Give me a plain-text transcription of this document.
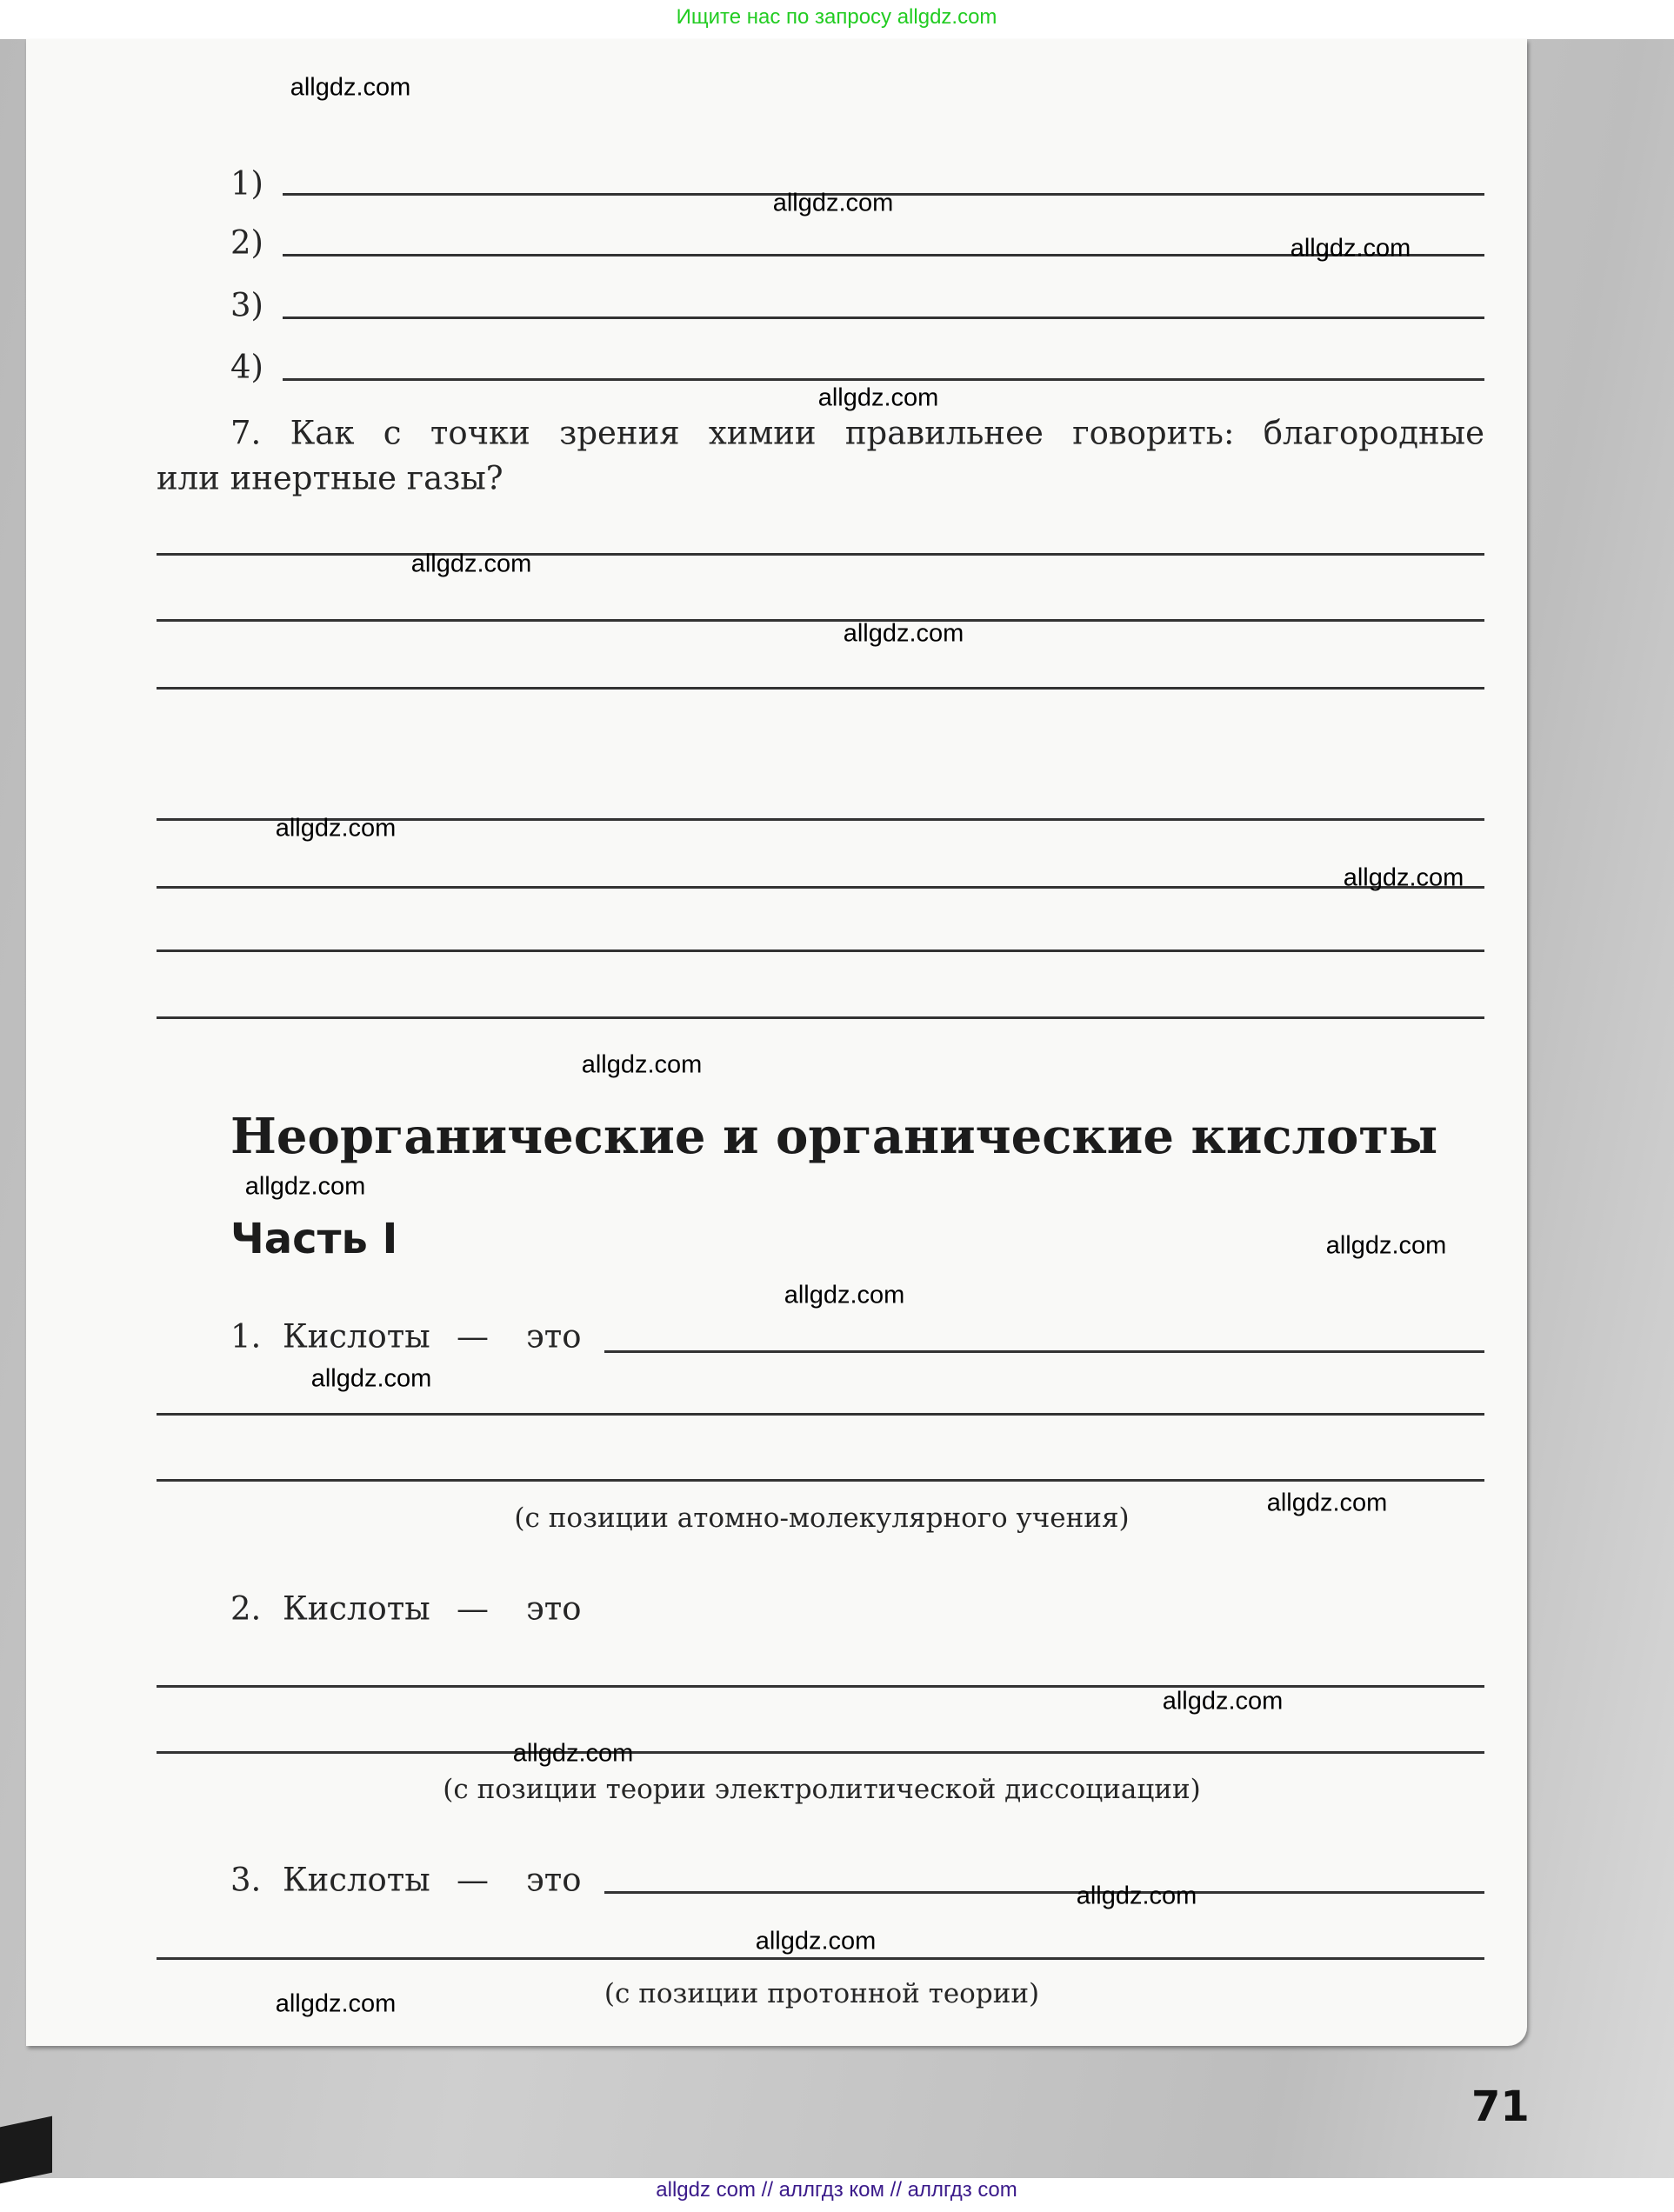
Ищите нас по запросу allgdz.com
1)
2)
3)
4)
7. Как с точки зрения химии правильнее говорить: благородные
или инертные газы?
Неорганические и органические кислоты
Часть I
1. Кислоты — это
(с позиции атомно-молекулярного учения)
2. Кислоты — это
(с позиции теории электролитической диссоциации)
3. Кислоты — это
(с позиции протонной теории)
allgdz.com
allgdz.com
allgdz.com
allgdz.com
allgdz.com
allgdz.com
allgdz.com
allgdz.com
allgdz.com
allgdz.com
allgdz.com
allgdz.com
allgdz.com
allgdz.com
allgdz.com
allgdz.com
allgdz.com
allgdz.com
allgdz.com
71
allgdz com // аллгдз ком // аллгдз com
